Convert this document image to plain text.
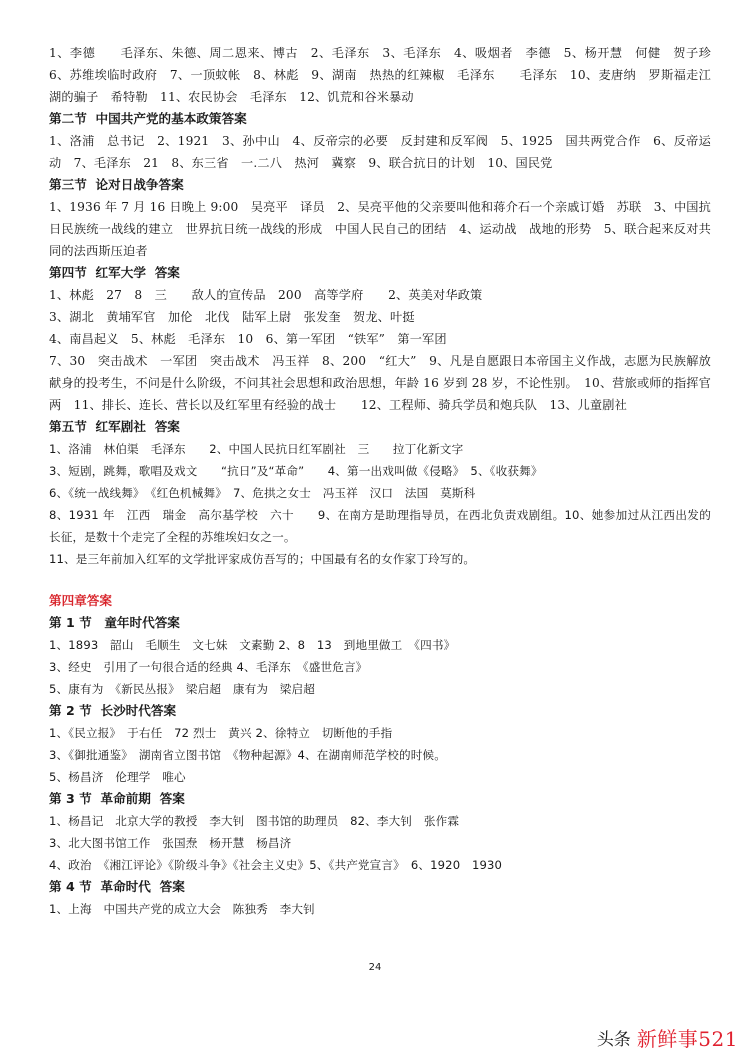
1、李德　　毛泽东、朱德、周二恩来、博古　2、毛泽东　3、毛泽东　4、吸烟者　李德　5、杨开慧　何健　贺子珍　6、苏维埃临时政府　7、一顶蚊帐　8、林彪　9、湖南　热热的红辣椒　毛泽东　　毛泽东　10、麦唐纳　罗斯福走江湖的骗子　希特勒　11、农民协会　毛泽东　12、饥荒和谷米暴动

第二节  中国共产党的基本政策答案

1、洛浦　总书记　2、1921　3、孙中山　4、反帝宗的必要　反封建和反军阀　5、1925　国共两党合作　6、反帝运动　7、毛泽东　21　8、东三省　一.二八　热河　冀察　9、联合抗日的计划　10、国民党

第三节  论对日战争答案

1、1936 年 7 月 16 日晚上 9:00　吴亮平　译员　2、吴亮平他的父亲要叫他和蒋介石一个亲戚订婚　苏联　3、中国抗日民族统一战线的建立　世界抗日统一战线的形成　中国人民自己的团结　4、运动战　战地的形势　5、联合起来反对共同的法西斯压迫者

第四节  红军大学  答案

1、林彪　27　8　三　　敌人的宣传品　200　高等学府　　2、英美对华政策

3、湖北　黄埔军官　加伦　北伐　陆军上尉　张发奎　贺龙、叶挺

4、南昌起义　5、林彪　毛泽东　10　6、第一军团　“铁军”　第一军团

7、30　突击战术　一军团　突击战术　冯玉祥　8、200　“红大”　9、凡是自愿跟日本帝国主义作战，志愿为民族解放献身的投考生，不问是什么阶级，不问其社会思想和政治思想，年龄 16 岁到 28 岁，不论性别。　10、营旅或师的指挥官　两　11、排长、连长、营长以及红军里有经验的战士　　12、工程师、骑兵学员和炮兵队　13、儿童剧社

第五节  红军剧社  答案

1、洛浦　林伯渠　毛泽东　　2、中国人民抗日红军剧社　三　　拉丁化新文字

3、短剧，跳舞，歌唱及戏文　　“抗日”及“革命”　　4、第一出戏叫做《侵略》　5、《收获舞》

6、《统一战线舞》　《红色机械舞》　7、危拱之女士　冯玉祥　汉口　法国　莫斯科

8、1931 年　江西　瑞金　高尔基学校　六十　　9、在南方是助理指导员，在西北负责戏剧组。10、她参加过从江西出发的长征，是数十个走完了全程的苏维埃妇女之一。

11、是三年前加入红军的文学批评家成仿吾写的；中国最有名的女作家丁玲写的。

第四章答案
第 1 节　童年时代答案

1、1893　韶山　毛顺生　文七妹　文素勤 2、8　13　到地里做工　《四书》

3、经史　引用了一句很合适的经典 4、毛泽东　《盛世危言》

5、康有为　《新民丛报》　梁启超　康有为　梁启超

第 2 节  长沙时代答案

1、《民立报》　于右任　72 烈士　黄兴 2、徐特立　切断他的手指

3、《御批通鉴》　湖南省立图书馆　《物种起源》4、在湖南师范学校的时候。

5、杨昌济　伦理学　唯心

第 3 节  革命前期  答案

1、杨昌记　北京大学的教授　李大钊　图书馆的助理员　82、李大钊　张作霖

3、北大图书馆工作　张国焘　杨开慧　杨昌济

4、政治　《湘江评论》《阶级斗争》《社会主义史》5、《共产党宣言》　6、1920　1930

第 4 节  革命时代  答案

1、上海　中国共产党的成立大会　陈独秀　李大钊

24
头条 新鲜事521
